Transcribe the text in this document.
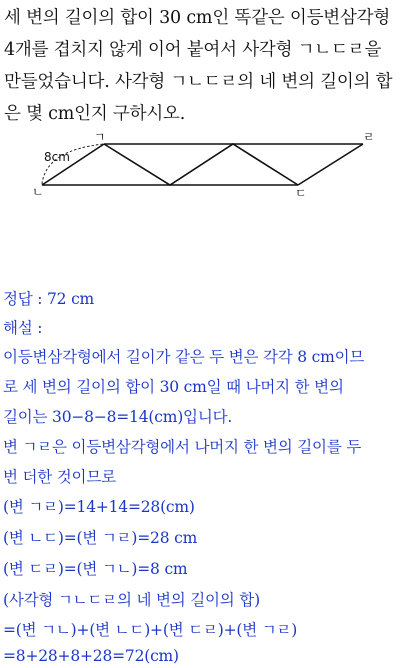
세 변의 길이의 합이 30 cm인 똑같은 이등변삼각형
4개를 겹치지 않게 이어 붙여서 사각형 ㄱㄴㄷㄹ을
만들었습니다. 사각형 ㄱㄴㄷㄹ의 네 변의 길이의 합
은 몇 cm인지 구하시오.
8cm
ㄱ
ㄴ	ㄷ
ㄹ
정답 : 72 cm
해설 :
이등변삼각형에서 길이가 같은 두 변은 각각 8 cm이므
로 세 변의 길이의 합이 30 cm일 때 나머지 한 변의
길이는 30−8−8=14(cm)입니다.
변 ㄱㄹ은 이등변삼각형에서 나머지 한 변의 길이를 두
번 더한 것이므로
(변 ㄱㄹ)=14+14=28(cm)
(변 ㄴㄷ)=(변 ㄱㄹ)=28 cm
(변 ㄷㄹ)=(변 ㄱㄴ)=8 cm
(사각형 ㄱㄴㄷㄹ의 네 변의 길이의 합)
=(변 ㄱㄴ)+(변 ㄴㄷ)+(변 ㄷㄹ)+(변 ㄱㄹ)
=8+28+8+28=72(cm)
